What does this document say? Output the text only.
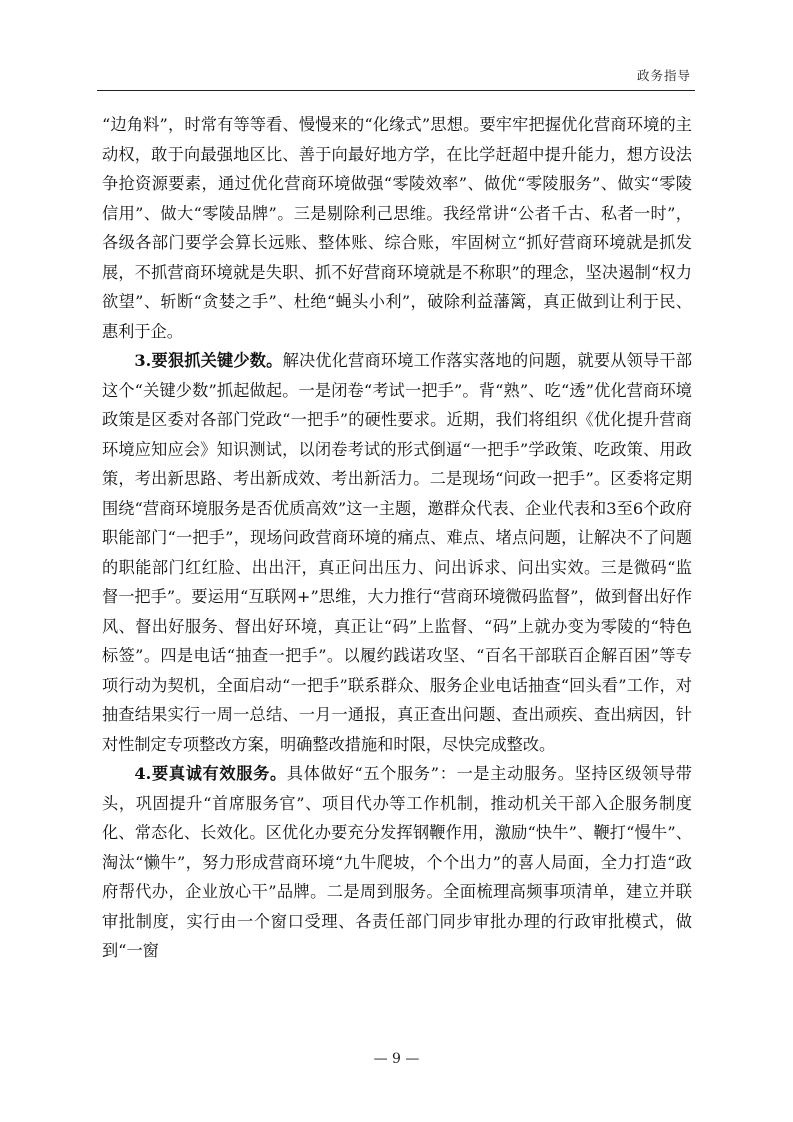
政务指导

“边角料”，时常有等等看、慢慢来的“化缘式”思想。要牢牢把握优化营商环境的主动权，敢于向最强地区比、善于向最好地方学，在比学赶超中提升能力，想方设法争抢资源要素，通过优化营商环境做强“零陵效率”、做优“零陵服务”、做实“零陵信用”、做大“零陵品牌”。三是剔除利己思维。我经常讲“公者千古、私者一时”，各级各部门要学会算长远账、整体账、综合账，牢固树立“抓好营商环境就是抓发展，不抓营商环境就是失职、抓不好营商环境就是不称职”的理念，坚决遏制“权力欲望”、斩断“贪婪之手”、杜绝“蝇头小利”，破除利益藩篱，真正做到让利于民、惠利于企。

3.要狠抓关键少数。解决优化营商环境工作落实落地的问题，就要从领导干部这个“关键少数”抓起做起。一是闭卷“考试一把手”。背“熟”、吃“透”优化营商环境政策是区委对各部门党政“一把手”的硬性要求。近期，我们将组织《优化提升营商环境应知应会》知识测试，以闭卷考试的形式倒逼“一把手”学政策、吃政策、用政策，考出新思路、考出新成效、考出新活力。二是现场“问政一把手”。区委将定期围绕“营商环境服务是否优质高效”这一主题，邀群众代表、企业代表和3至6个政府职能部门“一把手”，现场问政营商环境的痛点、难点、堵点问题，让解决不了问题的职能部门红红脸、出出汗，真正问出压力、问出诉求、问出实效。三是微码“监督一把手”。要运用“互联网+”思维，大力推行“营商环境微码监督”，做到督出好作风、督出好服务、督出好环境，真正让“码”上监督、“码”上就办变为零陵的“特色标签”。四是电话“抽查一把手”。以履约践诺攻坚、“百名干部联百企解百困”等专项行动为契机，全面启动“一把手”联系群众、服务企业电话抽查“回头看”工作，对抽查结果实行一周一总结、一月一通报，真正查出问题、查出顽疾、查出病因，针对性制定专项整改方案，明确整改措施和时限，尽快完成整改。

4.要真诚有效服务。具体做好“五个服务”：一是主动服务。坚持区级领导带头，巩固提升“首席服务官”、项目代办等工作机制，推动机关干部入企服务制度化、常态化、长效化。区优化办要充分发挥钢鞭作用，激励“快牛”、鞭打“慢牛”、淘汰“懒牛”，努力形成营商环境“九牛爬坡，个个出力”的喜人局面，全力打造“政府帮代办，企业放心干”品牌。二是周到服务。全面梳理高频事项清单，建立并联审批制度，实行由一个窗口受理、各责任部门同步审批办理的行政审批模式，做到“一窗

— 9 —
